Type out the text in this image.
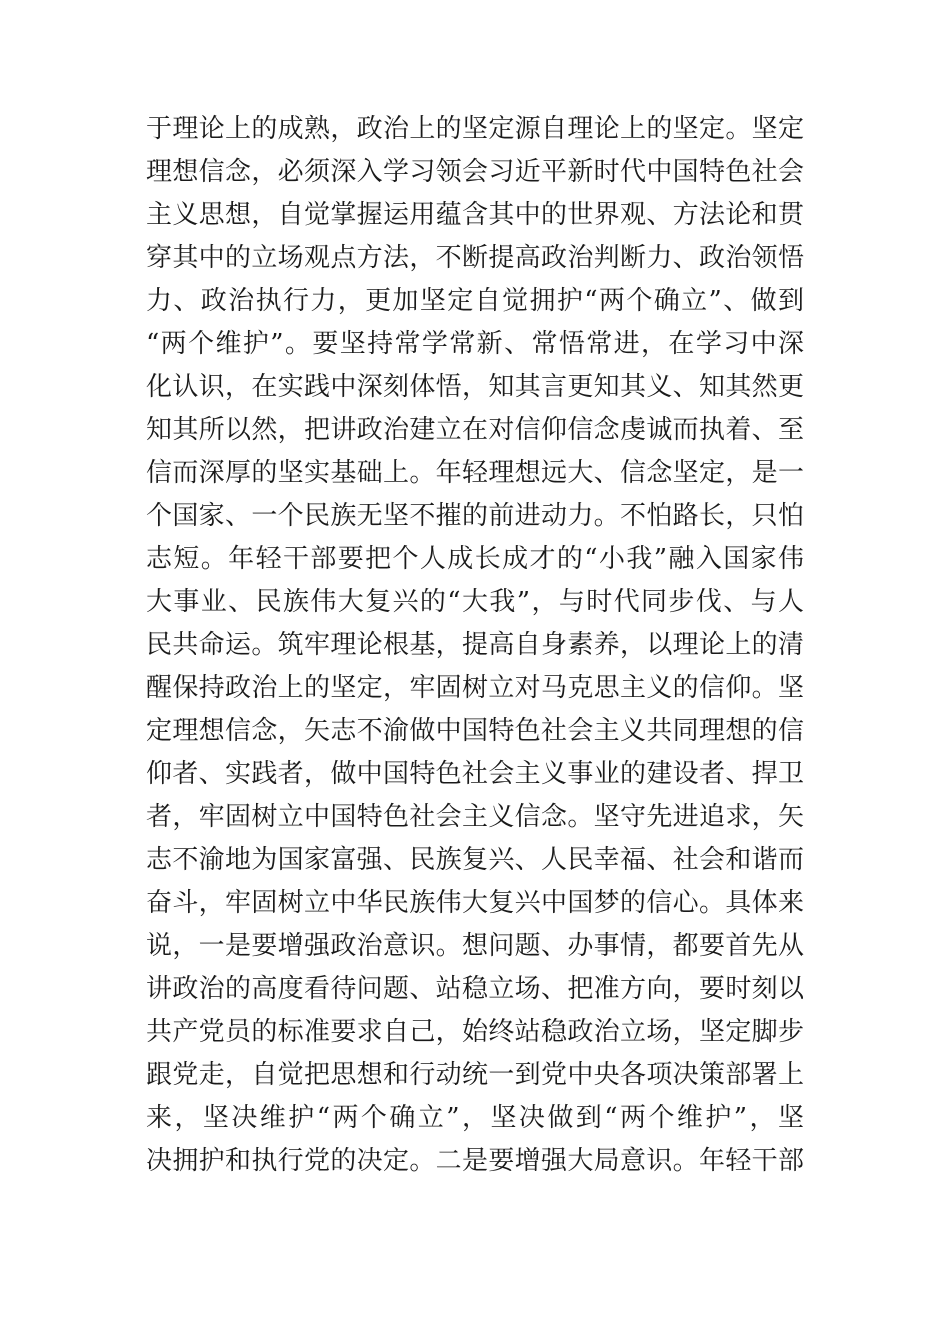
于理论上的成熟，政治上的坚定源自理论上的坚定。坚定
理想信念，必须深入学习领会习近平新时代中国特色社会
主义思想，自觉掌握运用蕴含其中的世界观、方法论和贯
穿其中的立场观点方法，不断提高政治判断力、政治领悟
力、政治执行力，更加坚定自觉拥护“两个确立”、做到
“两个维护”。要坚持常学常新、常悟常进，在学习中深
化认识，在实践中深刻体悟，知其言更知其义、知其然更
知其所以然，把讲政治建立在对信仰信念虔诚而执着、至
信而深厚的坚实基础上。年轻理想远大、信念坚定，是一
个国家、一个民族无坚不摧的前进动力。不怕路长，只怕
志短。年轻干部要把个人成长成才的“小我”融入国家伟
大事业、民族伟大复兴的“大我”，与时代同步伐、与人
民共命运。筑牢理论根基，提高自身素养，以理论上的清
醒保持政治上的坚定，牢固树立对马克思主义的信仰。坚
定理想信念，矢志不渝做中国特色社会主义共同理想的信
仰者、实践者，做中国特色社会主义事业的建设者、捍卫
者，牢固树立中国特色社会主义信念。坚守先进追求，矢
志不渝地为国家富强、民族复兴、人民幸福、社会和谐而
奋斗，牢固树立中华民族伟大复兴中国梦的信心。具体来
说，一是要增强政治意识。想问题、办事情，都要首先从
讲政治的高度看待问题、站稳立场、把准方向，要时刻以
共产党员的标准要求自己，始终站稳政治立场，坚定脚步
跟党走，自觉把思想和行动统一到党中央各项决策部署上
来，坚决维护“两个确立”，坚决做到“两个维护”，坚
决拥护和执行党的决定。二是要增强大局意识。年轻干部
